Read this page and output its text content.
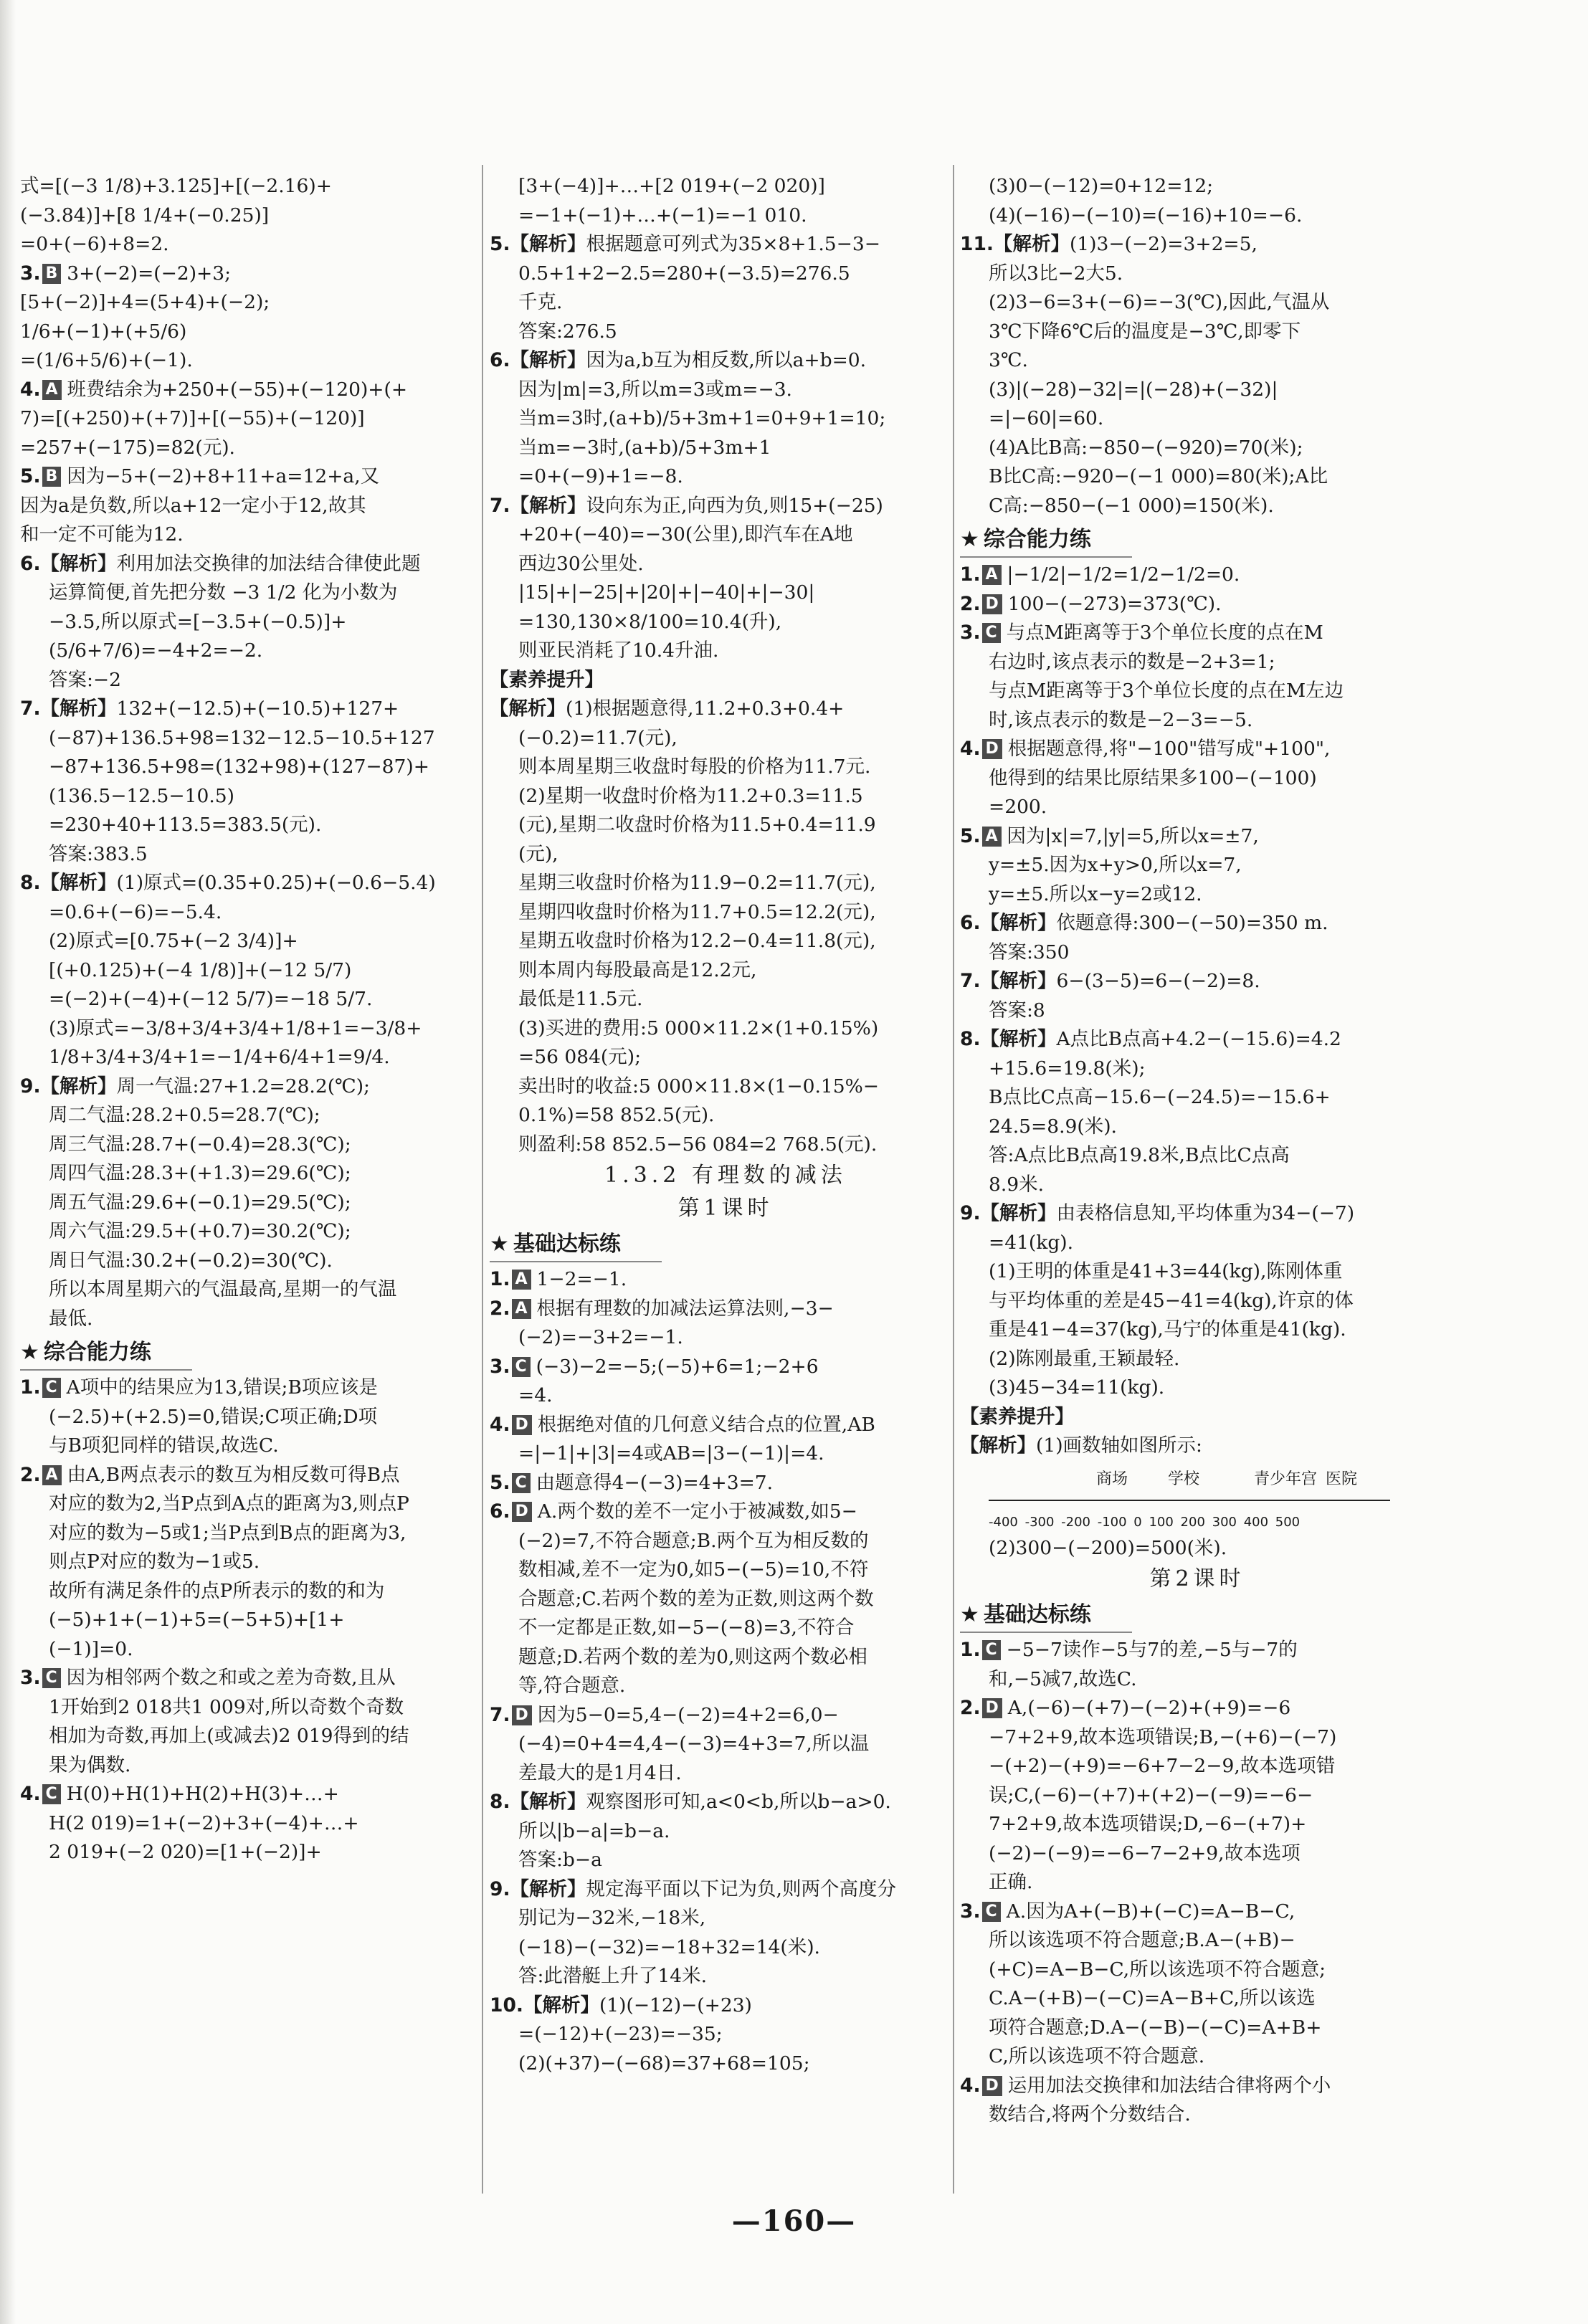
式=[(−3 1/8)+3.125]+[(−2.16)+
(−3.84)]+[8 1/4+(−0.25)]
=0+(−6)+8=2.
3. B 3+(−2)=(−2)+3;
[5+(−2)]+4=(5+4)+(−2);
1/6+(−1)+(+5/6)
=(1/6+5/6)+(−1).
4. A 班费结余为+250+(−55)+(−120)+(+
7)=[(+250)+(+7)]+[(−55)+(−120)]
=257+(−175)=82(元).
5. B 因为−5+(−2)+8+11+a=12+a,又
因为a是负数,所以a+12一定小于12,故其
和一定不可能为12.
6.【解析】利用加法交换律的加法结合律使此题
运算简便,首先把分数 −3 1/2 化为小数为
−3.5,所以原式=[−3.5+(−0.5)]+
(5/6+7/6)=−4+2=−2.
答案:−2
7.【解析】132+(−12.5)+(−10.5)+127+
(−87)+136.5+98=132−12.5−10.5+127
−87+136.5+98=(132+98)+(127−87)+
(136.5−12.5−10.5)
=230+40+113.5=383.5(元).
答案:383.5
8.【解析】(1)原式=(0.35+0.25)+(−0.6−5.4)
=0.6+(−6)=−5.4.
(2)原式=[0.75+(−2 3/4)]+
[(+0.125)+(−4 1/8)]+(−12 5/7)
=(−2)+(−4)+(−12 5/7)=−18 5/7.
(3)原式=−3/8+3/4+3/4+1/8+1=−3/8+
1/8+3/4+3/4+1=−1/4+6/4+1=9/4.
9.【解析】周一气温:27+1.2=28.2(℃);
周二气温:28.2+0.5=28.7(℃);
周三气温:28.7+(−0.4)=28.3(℃);
周四气温:28.3+(+1.3)=29.6(℃);
周五气温:29.6+(−0.1)=29.5(℃);
周六气温:29.5+(+0.7)=30.2(℃);
周日气温:30.2+(−0.2)=30(℃).
所以本周星期六的气温最高,星期一的气温
最低.
★ 综合能力练
1. C A项中的结果应为13,错误;B项应该是
(−2.5)+(+2.5)=0,错误;C项正确;D项
与B项犯同样的错误,故选C.
2. A 由A,B两点表示的数互为相反数可得B点
对应的数为2,当P点到A点的距离为3,则点P
对应的数为−5或1;当P点到B点的距离为3,
则点P对应的数为−1或5.
故所有满足条件的点P所表示的数的和为
(−5)+1+(−1)+5=(−5+5)+[1+
(−1)]=0.
3. C 因为相邻两个数之和或之差为奇数,且从
1开始到2 018共1 009对,所以奇数个奇数
相加为奇数,再加上(或减去)2 019得到的结
果为偶数.
4. C H(0)+H(1)+H(2)+H(3)+…+
H(2 019)=1+(−2)+3+(−4)+…+
2 019+(−2 020)=[1+(−2)]+
[3+(−4)]+…+[2 019+(−2 020)]
=−1+(−1)+…+(−1)=−1 010.
5.【解析】根据题意可列式为35×8+1.5−3−
0.5+1+2−2.5=280+(−3.5)=276.5
千克.
答案:276.5
6.【解析】因为a,b互为相反数,所以a+b=0.
因为|m|=3,所以m=3或m=−3.
当m=3时,(a+b)/5+3m+1=0+9+1=10;
当m=−3时,(a+b)/5+3m+1
=0+(−9)+1=−8.
7.【解析】设向东为正,向西为负,则15+(−25)
+20+(−40)=−30(公里),即汽车在A地
西边30公里处.
|15|+|−25|+|20|+|−40|+|−30|
=130,130×8/100=10.4(升),
则亚民消耗了10.4升油.
【素养提升】
【解析】(1)根据题意得,11.2+0.3+0.4+
(−0.2)=11.7(元),
则本周星期三收盘时每股的价格为11.7元.
(2)星期一收盘时价格为11.2+0.3=11.5
(元),星期二收盘时价格为11.5+0.4=11.9
(元),
星期三收盘时价格为11.9−0.2=11.7(元),
星期四收盘时价格为11.7+0.5=12.2(元),
星期五收盘时价格为12.2−0.4=11.8(元),
则本周内每股最高是12.2元,
最低是11.5元.
(3)买进的费用:5 000×11.2×(1+0.15%)
=56 084(元);
卖出时的收益:5 000×11.8×(1−0.15%−
0.1%)=58 852.5(元).
则盈利:58 852.5−56 084=2 768.5(元).
1.3.2 有理数的减法
第1课时
★ 基础达标练
1. A 1−2=−1.
2. A 根据有理数的加减法运算法则,−3−
(−2)=−3+2=−1.
3. C (−3)−2=−5;(−5)+6=1;−2+6
=4.
4. D 根据绝对值的几何意义结合点的位置,AB
=|−1|+|3|=4或AB=|3−(−1)|=4.
5. C 由题意得4−(−3)=4+3=7.
6. D A.两个数的差不一定小于被减数,如5−
(−2)=7,不符合题意;B.两个互为相反数的
数相减,差不一定为0,如5−(−5)=10,不符
合题意;C.若两个数的差为正数,则这两个数
不一定都是正数,如−5−(−8)=3,不符合
题意;D.若两个数的差为0,则这两个数必相
等,符合题意.
7. D 因为5−0=5,4−(−2)=4+2=6,0−
(−4)=0+4=4,4−(−3)=4+3=7,所以温
差最大的是1月4日.
8.【解析】观察图形可知,a<0<b,所以b−a>0.
所以|b−a|=b−a.
答案:b−a
9.【解析】规定海平面以下记为负,则两个高度分
别记为−32米,−18米,
(−18)−(−32)=−18+32=14(米).
答:此潜艇上升了14米.
10.【解析】(1)(−12)−(+23)
=(−12)+(−23)=−35;
(2)(+37)−(−68)=37+68=105;
(3)0−(−12)=0+12=12;
(4)(−16)−(−10)=(−16)+10=−6.
11.【解析】(1)3−(−2)=3+2=5,
所以3比−2大5.
(2)3−6=3+(−6)=−3(℃),因此,气温从
3℃下降6℃后的温度是−3℃,即零下
3℃.
(3)|(−28)−32|=|(−28)+(−32)|
=|−60|=60.
(4)A比B高:−850−(−920)=70(米);
B比C高:−920−(−1 000)=80(米);A比
C高:−850−(−1 000)=150(米).
★ 综合能力练
1. A |−1/2|−1/2=1/2−1/2=0.
2. D 100−(−273)=373(℃).
3. C 与点M距离等于3个单位长度的点在M
右边时,该点表示的数是−2+3=1;
与点M距离等于3个单位长度的点在M左边
时,该点表示的数是−2−3=−5.
4. D 根据题意得,将"−100"错写成"+100",
他得到的结果比原结果多100−(−100)
=200.
5. A 因为|x|=7,|y|=5,所以x=±7,
y=±5.因为x+y>0,所以x=7,
y=±5.所以x−y=2或12.
6.【解析】依题意得:300−(−50)=350 m.
答案:350
7.【解析】6−(3−5)=6−(−2)=8.
答案:8
8.【解析】A点比B点高+4.2−(−15.6)=4.2
+15.6=19.8(米);
B点比C点高−15.6−(−24.5)=−15.6+
24.5=8.9(米).
答:A点比B点高19.8米,B点比C点高
8.9米.
9.【解析】由表格信息知,平均体重为34−(−7)
=41(kg).
(1)王明的体重是41+3=44(kg),陈刚体重
与平均体重的差是45−41=4(kg),许京的体
重是41−4=37(kg),马宁的体重是41(kg).
(2)陈刚最重,王颖最轻.
(3)45−34=11(kg).
【素养提升】
【解析】(1)画数轴如图所示:
商场	学校	青少年宫 医院
-400 -300 -200 -100 0 100 200 300 400 500
(2)300−(−200)=500(米).
第2课时
★ 基础达标练
1. C −5−7读作−5与7的差,−5与−7的
和,−5减7,故选C.
2. D A,(−6)−(+7)−(−2)+(+9)=−6
−7+2+9,故本选项错误;B,−(+6)−(−7)
−(+2)−(+9)=−6+7−2−9,故本选项错
误;C,(−6)−(+7)+(+2)−(−9)=−6−
7+2+9,故本选项错误;D,−6−(+7)+
(−2)−(−9)=−6−7−2+9,故本选项
正确.
3. C A.因为A+(−B)+(−C)=A−B−C,
所以该选项不符合题意;B.A−(+B)−
(+C)=A−B−C,所以该选项不符合题意;
C.A−(+B)−(−C)=A−B+C,所以该选
项符合题意;D.A−(−B)−(−C)=A+B+
C,所以该选项不符合题意.
4. D 运用加法交换律和加法结合律将两个小
数结合,将两个分数结合.
—160—
